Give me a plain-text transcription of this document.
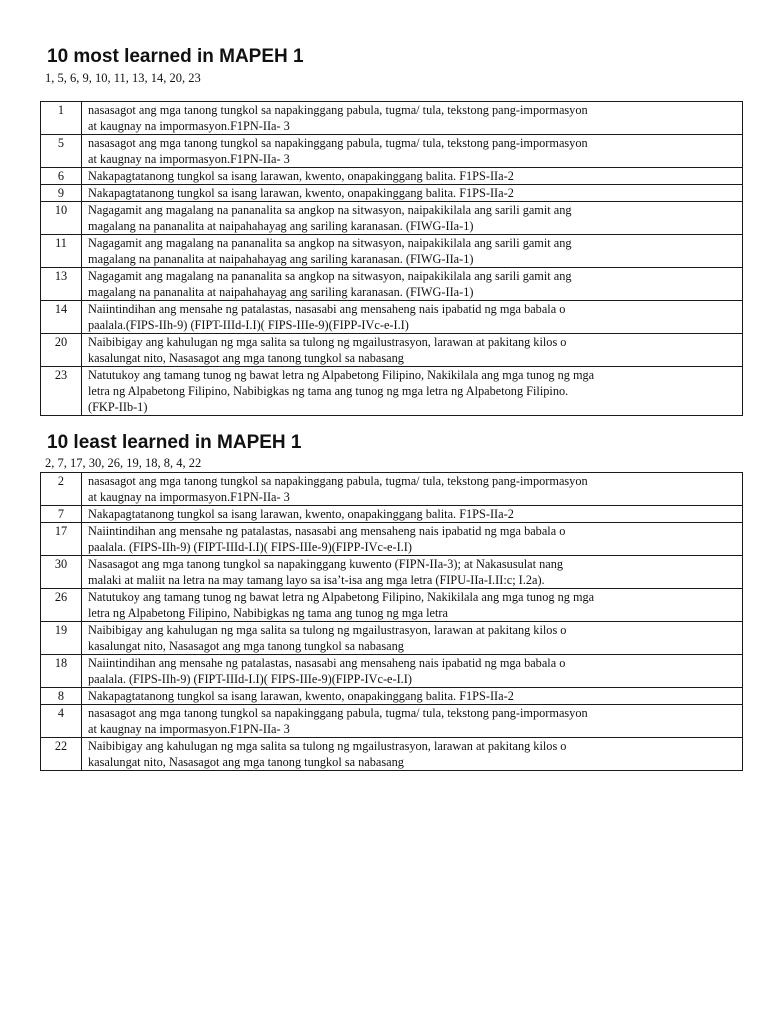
10 most learned in MAPEH 1
1, 5, 6, 9, 10, 11, 13, 14, 20, 23
1	nasasagot ang mga tanong tungkol sa napakinggang pabula, tugma/ tula, tekstong pang-impormasyon
at kaugnay na impormasyon.F1PN-IIa- 3

5	nasasagot ang mga tanong tungkol sa napakinggang pabula, tugma/ tula, tekstong pang-impormasyon
at kaugnay na impormasyon.F1PN-IIa- 3

6	Nakapagtatanong tungkol sa isang larawan, kwento, onapakinggang balita. F1PS-IIa-2

9	Nakapagtatanong tungkol sa isang larawan, kwento, onapakinggang balita. F1PS-IIa-2

10	Nagagamit ang magalang na pananalita sa angkop na sitwasyon, naipakikilala ang sarili gamit ang
magalang na pananalita at naipahahayag ang sariling karanasan. (FIWG-IIa-1)

11	Nagagamit ang magalang na pananalita sa angkop na sitwasyon, naipakikilala ang sarili gamit ang
magalang na pananalita at naipahahayag ang sariling karanasan. (FIWG-IIa-1)

13	Nagagamit ang magalang na pananalita sa angkop na sitwasyon, naipakikilala ang sarili gamit ang
magalang na pananalita at naipahahayag ang sariling karanasan. (FIWG-IIa-1)

14	Naiintindihan ang mensahe ng patalastas, nasasabi ang mensaheng nais ipabatid ng mga babala o
paalala.(FIPS-IIh-9) (FIPT-IIId-I.I)( FIPS-IIIe-9)(FIPP-IVc-e-I.I)

20	Naibibigay ang kahulugan ng mga salita sa tulong ng mgailustrasyon, larawan at pakitang kilos o
kasalungat nito, Nasasagot ang mga tanong tungkol sa nabasang

23	Natutukoy ang tamang tunog ng bawat letra ng Alpabetong Filipino, Nakikilala ang mga tunog ng mga
letra ng Alpabetong Filipino, Nabibigkas ng tama ang tunog ng mga letra ng Alpabetong Filipino.
(FKP-IIb-1)
10 least learned in MAPEH 1
2, 7, 17, 30, 26, 19, 18, 8, 4, 22
2	nasasagot ang mga tanong tungkol sa napakinggang pabula, tugma/ tula, tekstong pang-impormasyon
at kaugnay na impormasyon.F1PN-IIa- 3

7	Nakapagtatanong tungkol sa isang larawan, kwento, onapakinggang balita. F1PS-IIa-2

17	Naiintindihan ang mensahe ng patalastas, nasasabi ang mensaheng nais ipabatid ng mga babala o
paalala. (FIPS-IIh-9) (FIPT-IIId-I.I)( FIPS-IIIe-9)(FIPP-IVc-e-I.I)

30	Nasasagot ang mga tanong tungkol sa napakinggang kuwento (FIPN-IIa-3); at Nakasusulat nang
malaki at maliit na letra na may tamang layo sa isa’t-isa ang mga letra (FIPU-IIa-I.II:c; I.2a).

26	Natutukoy ang tamang tunog ng bawat letra ng Alpabetong Filipino, Nakikilala ang mga tunog ng mga
letra ng Alpabetong Filipino, Nabibigkas ng tama ang tunog ng mga letra

19	Naibibigay ang kahulugan ng mga salita sa tulong ng mgailustrasyon, larawan at pakitang kilos o
kasalungat nito, Nasasagot ang mga tanong tungkol sa nabasang

18	Naiintindihan ang mensahe ng patalastas, nasasabi ang mensaheng nais ipabatid ng mga babala o
paalala. (FIPS-IIh-9) (FIPT-IIId-I.I)( FIPS-IIIe-9)(FIPP-IVc-e-I.I)

8	Nakapagtatanong tungkol sa isang larawan, kwento, onapakinggang balita. F1PS-IIa-2

4	nasasagot ang mga tanong tungkol sa napakinggang pabula, tugma/ tula, tekstong pang-impormasyon
at kaugnay na impormasyon.F1PN-IIa- 3

22	Naibibigay ang kahulugan ng mga salita sa tulong ng mgailustrasyon, larawan at pakitang kilos o
kasalungat nito, Nasasagot ang mga tanong tungkol sa nabasang
